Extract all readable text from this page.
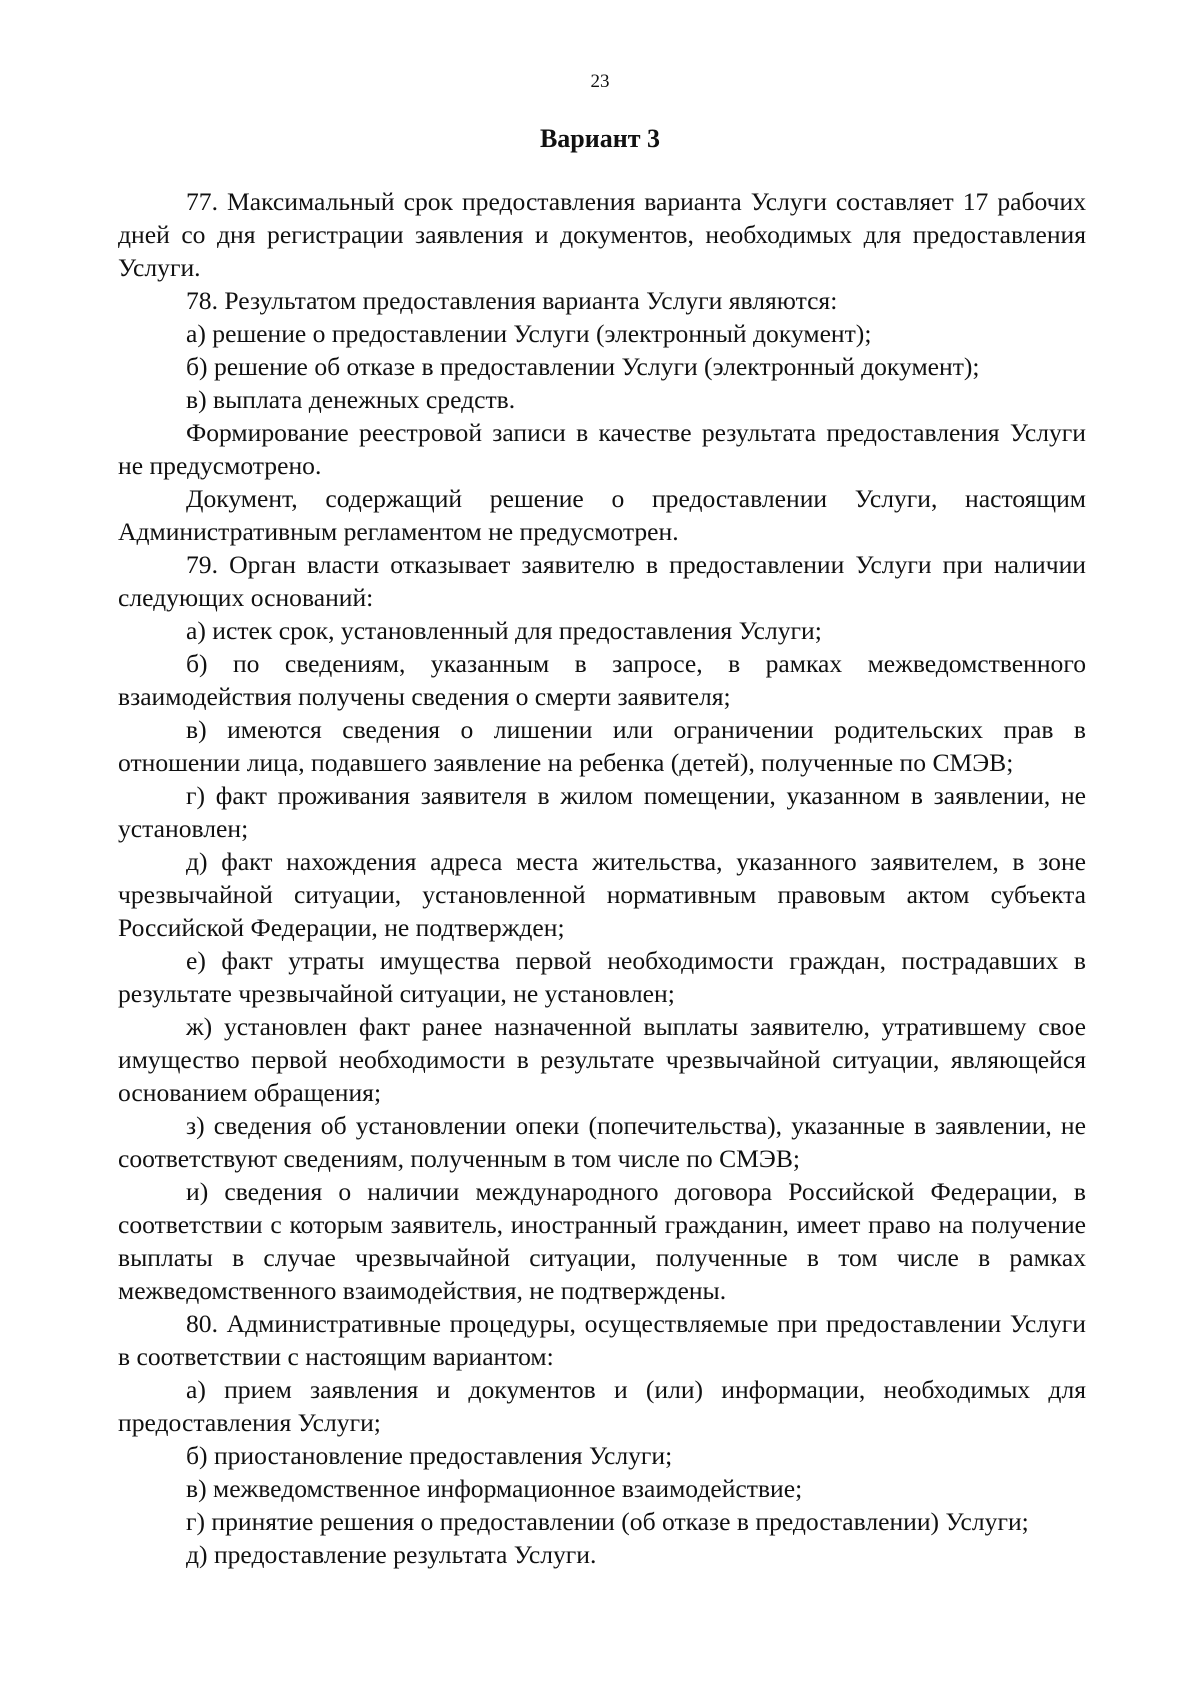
23
Вариант 3

77. Максимальный срок предоставления варианта Услуги составляет 17 рабочих дней со дня регистрации заявления и документов, необходимых для предоставления Услуги.

78. Результатом предоставления варианта Услуги являются:

а) решение о предоставлении Услуги (электронный документ);

б) решение об отказе в предоставлении Услуги (электронный документ);

в) выплата денежных средств.

Формирование реестровой записи в качестве результата предоставления Услуги не предусмотрено.

Документ, содержащий решение о предоставлении Услуги, настоящим Административным регламентом не предусмотрен.

79. Орган власти отказывает заявителю в предоставлении Услуги при наличии следующих оснований:

а) истек срок, установленный для предоставления Услуги;

б) по сведениям, указанным в запросе, в рамках межведомственного взаимодействия получены сведения о смерти заявителя;

в) имеются сведения о лишении или ограничении родительских прав в отношении лица, подавшего заявление на ребенка (детей), полученные по СМЭВ;

г) факт проживания заявителя в жилом помещении, указанном в заявлении, не установлен;

д) факт нахождения адреса места жительства, указанного заявителем, в зоне чрезвычайной ситуации, установленной нормативным правовым актом субъекта Российской Федерации, не подтвержден;

е) факт утраты имущества первой необходимости граждан, пострадавших в результате чрезвычайной ситуации, не установлен;

ж) установлен факт ранее назначенной выплаты заявителю, утратившему свое имущество первой необходимости в результате чрезвычайной ситуации, являющейся основанием обращения;

з) сведения об установлении опеки (попечительства), указанные в заявлении, не соответствуют сведениям, полученным в том числе по СМЭВ;

и) сведения о наличии международного договора Российской Федерации, в соответствии с которым заявитель, иностранный гражданин, имеет право на получение выплаты в случае чрезвычайной ситуации, полученные в том числе в рамках межведомственного взаимодействия, не подтверждены.

80. Административные процедуры, осуществляемые при предоставлении Услуги в соответствии с настоящим вариантом:

а) прием заявления и документов и (или) информации, необходимых для предоставления Услуги;

б) приостановление предоставления Услуги;

в) межведомственное информационное взаимодействие;

г) принятие решения о предоставлении (об отказе в предоставлении) Услуги;

д) предоставление результата Услуги.
